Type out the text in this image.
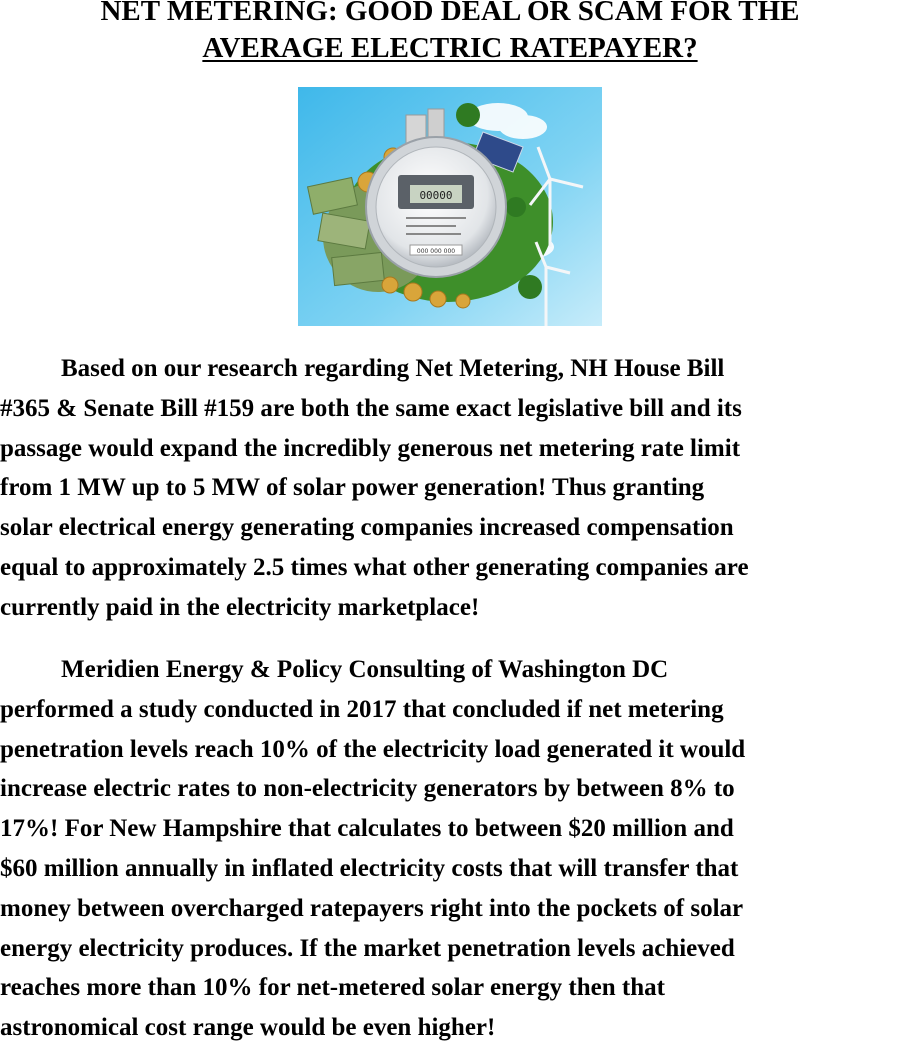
NET METERING: GOOD DEAL OR SCAM FOR THE
AVERAGE ELECTRIC RATEPAYER?
00000
000 000 000
Based on our research regarding Net Metering, NH House Bill
#365 & Senate Bill #159 are both the same exact legislative bill and its
passage would expand the incredibly generous net metering rate limit
from 1 MW up to 5 MW of solar power generation! Thus granting
solar electrical energy generating companies increased compensation
equal to approximately 2.5 times what other generating companies are
currently paid in the electricity marketplace!
Meridien Energy & Policy Consulting of Washington DC
performed a study conducted in 2017 that concluded if net metering
penetration levels reach 10% of the electricity load generated it would
increase electric rates to non-electricity generators by between 8% to
17%! For New Hampshire that calculates to between $20 million and
$60 million annually in inflated electricity costs that will transfer that
money between overcharged ratepayers right into the pockets of solar
energy electricity produces. If the market penetration levels achieved
reaches more than 10% for net-metered solar energy then that
astronomical cost range would be even higher!
